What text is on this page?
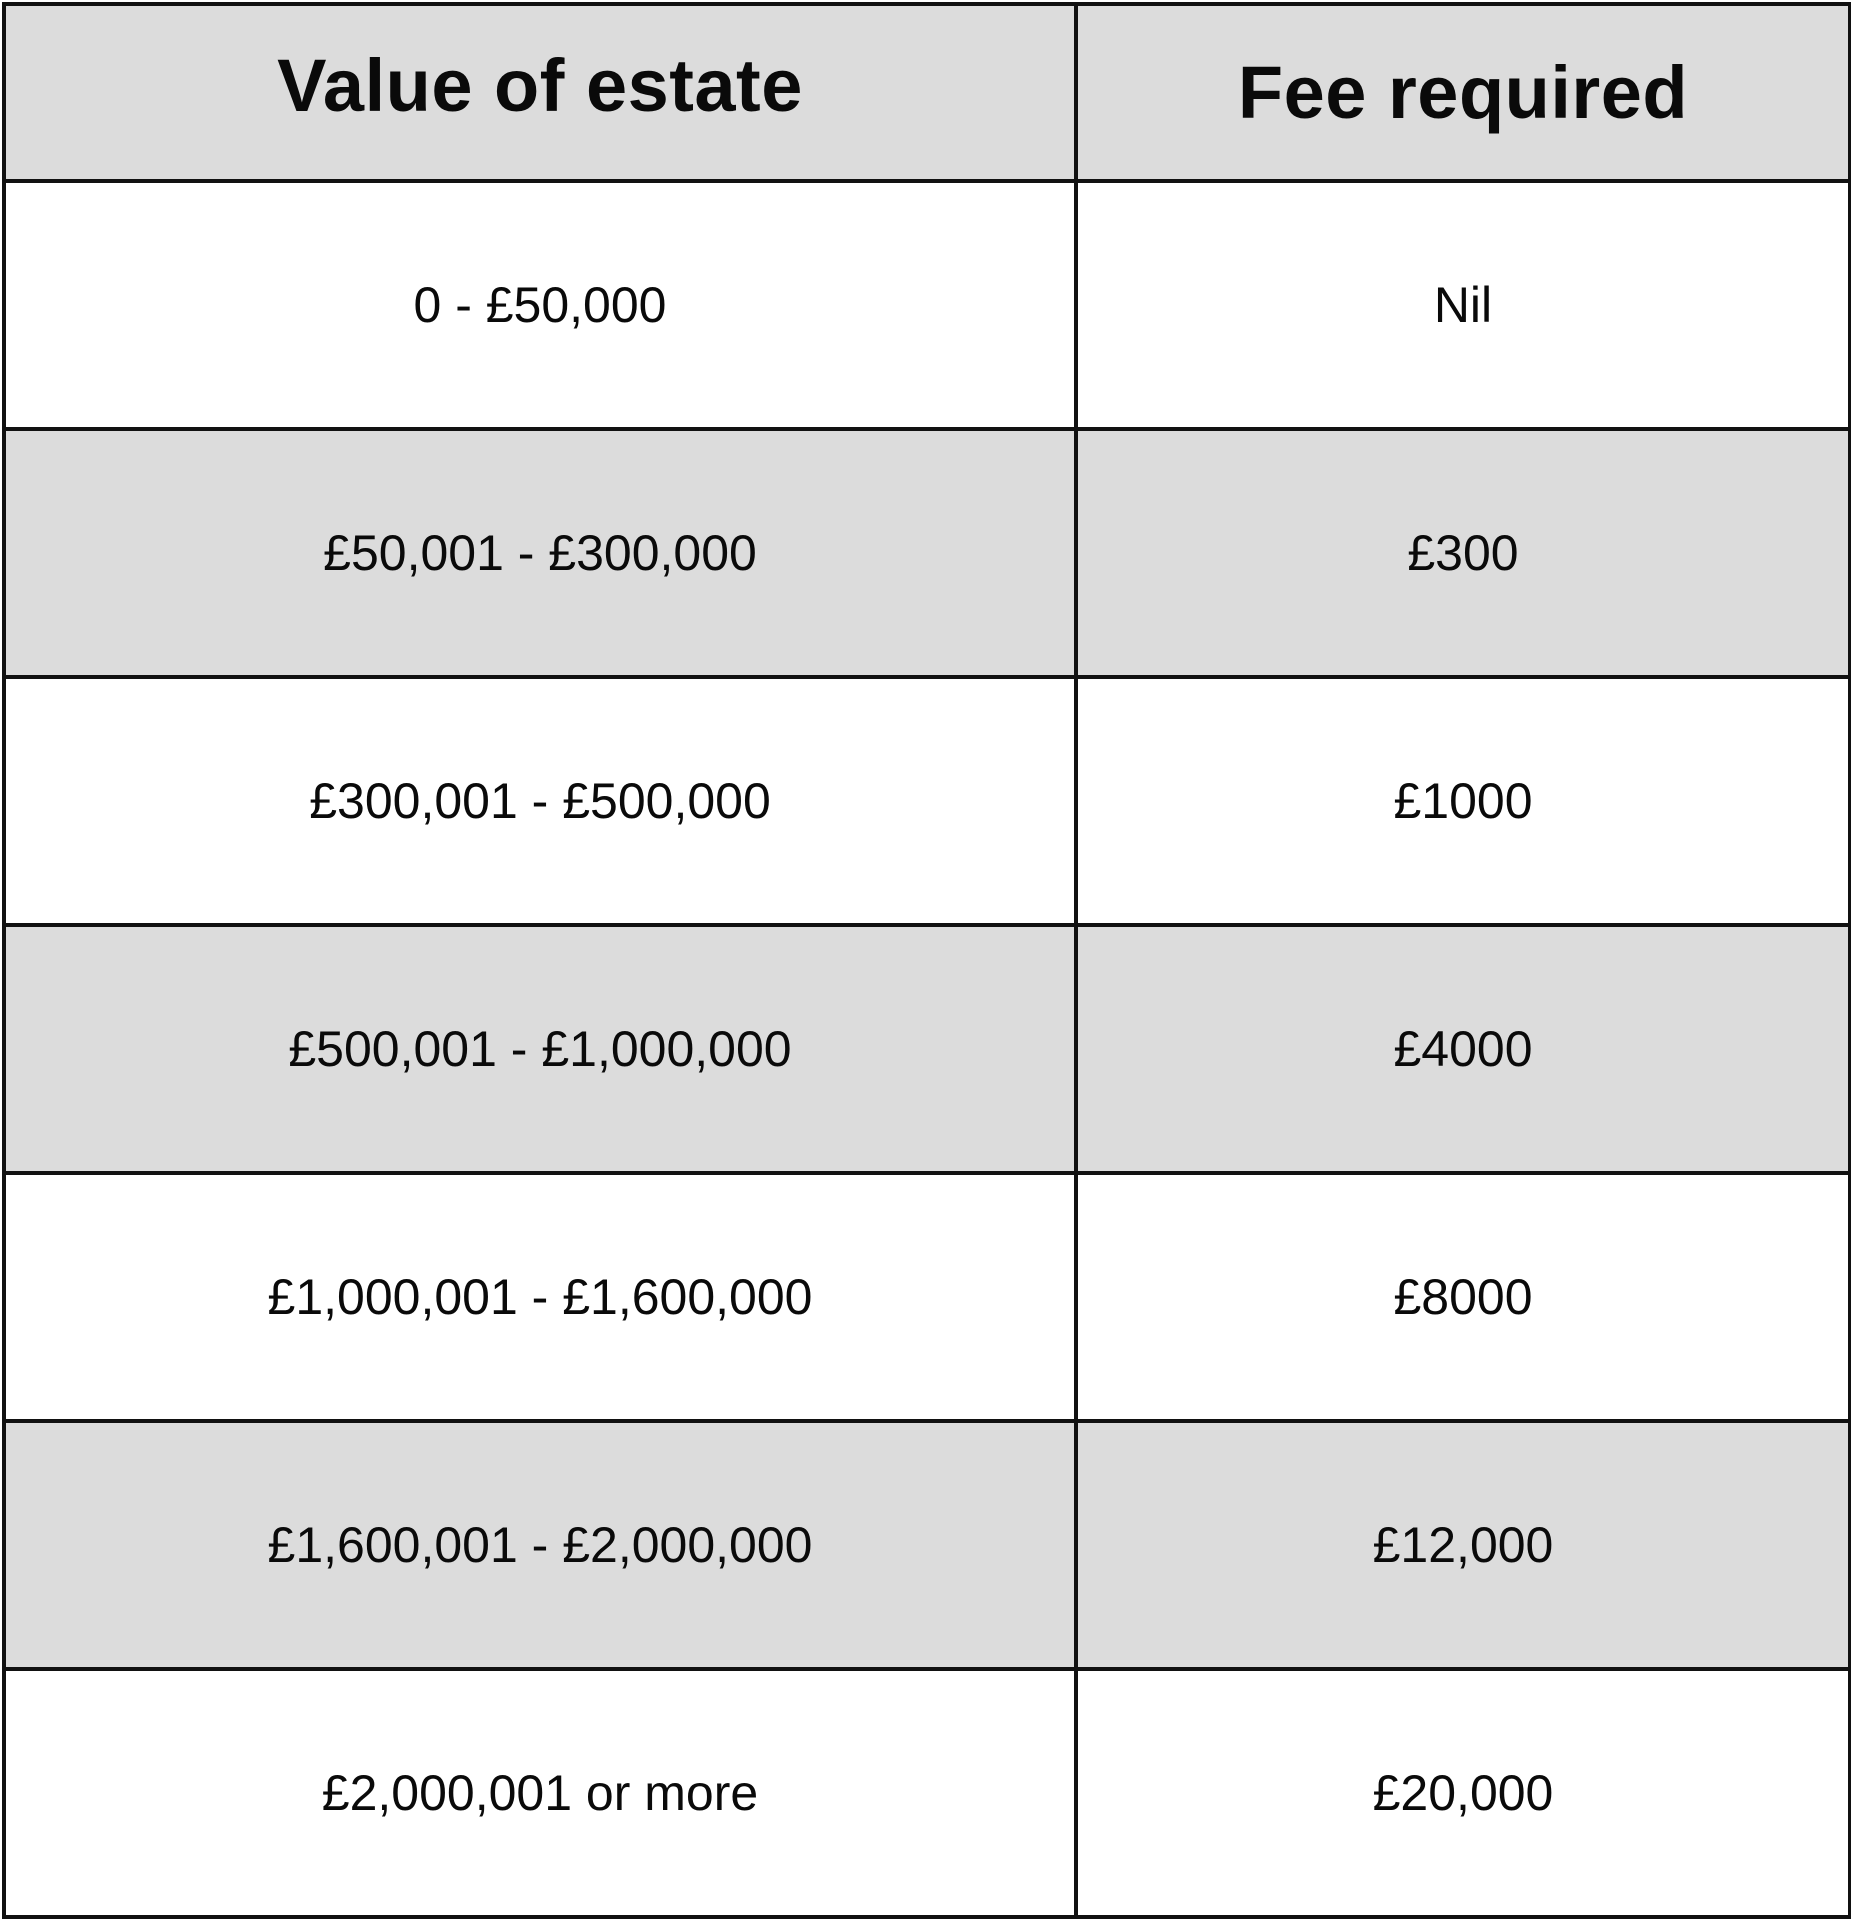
Value of estate	Fee required
0 - £50,000	Nil
£50,001 - £300,000	£300
£300,001 - £500,000	£1000
£500,001 - £1,000,000	£4000
£1,000,001 - £1,600,000	£8000
£1,600,001 - £2,000,000	£12,000
£2,000,001 or more	£20,000
